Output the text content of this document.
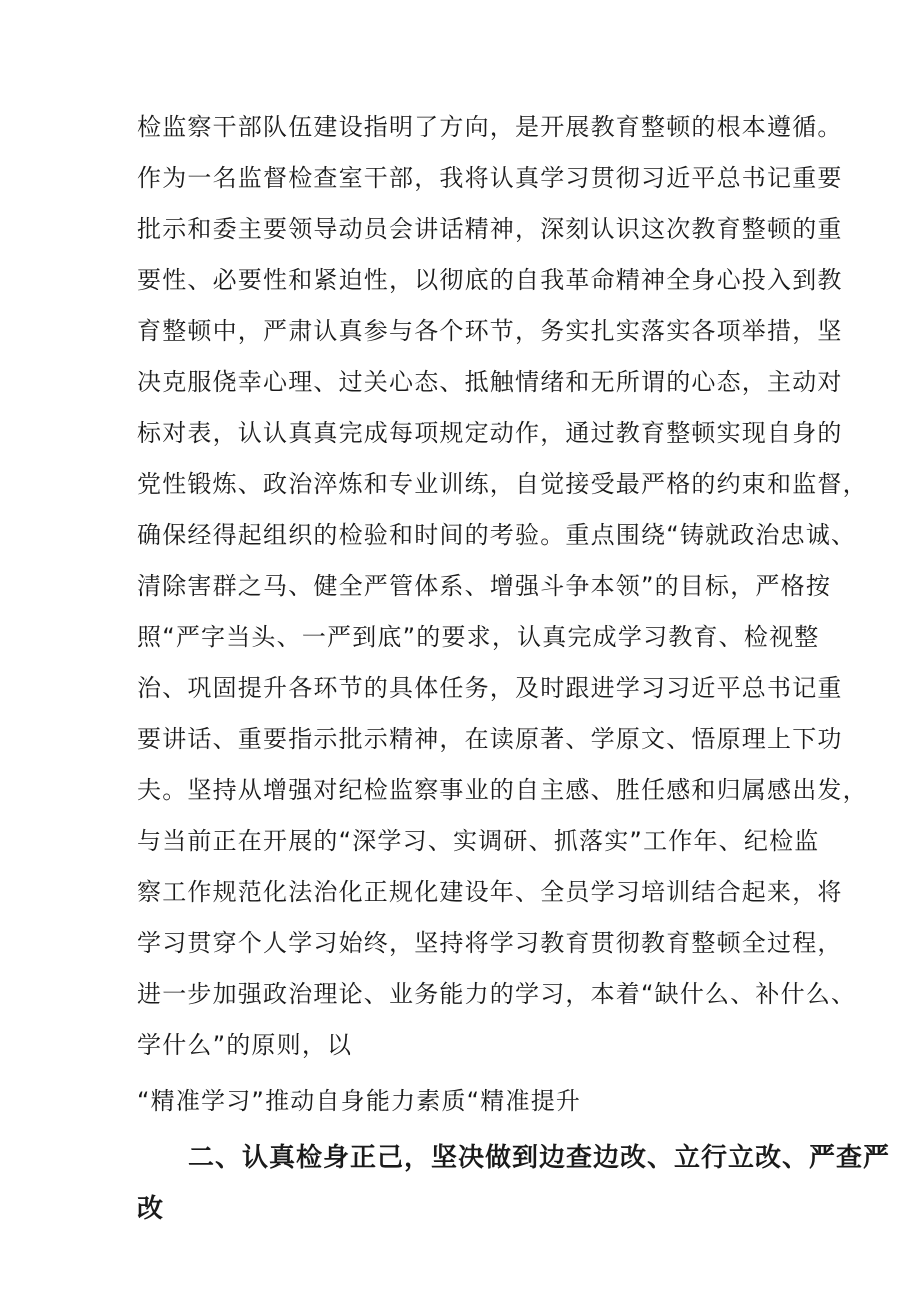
检监察干部队伍建设指明了方向，是开展教育整顿的根本遵循。
作为一名监督检查室干部，我将认真学习贯彻习近平总书记重要
批示和委主要领导动员会讲话精神，深刻认识这次教育整顿的重
要性、必要性和紧迫性，以彻底的自我革命精神全身心投入到教
育整顿中，严肃认真参与各个环节，务实扎实落实各项举措，坚
决克服侥幸心理、过关心态、抵触情绪和无所谓的心态，主动对
标对表，认认真真完成每项规定动作，通过教育整顿实现自身的
党性锻炼、政治淬炼和专业训练，自觉接受最严格的约束和监督，
确保经得起组织的检验和时间的考验。重点围绕“铸就政治忠诚、
清除害群之马、健全严管体系、增强斗争本领”的目标，严格按
照“严字当头、一严到底”的要求，认真完成学习教育、检视整
治、巩固提升各环节的具体任务，及时跟进学习习近平总书记重
要讲话、重要指示批示精神，在读原著、学原文、悟原理上下功
夫。坚持从增强对纪检监察事业的自主感、胜任感和归属感出发，
与当前正在开展的“深学习、实调研、抓落实”工作年、纪检监
察工作规范化法治化正规化建设年、全员学习培训结合起来，将
学习贯穿个人学习始终，坚持将学习教育贯彻教育整顿全过程，
进一步加强政治理论、业务能力的学习，本着“缺什么、补什么、
学什么”的原则，以
“精准学习”推动自身能力素质“精准提升
二、认真检身正己，坚决做到边查边改、立行立改、严查严
改
